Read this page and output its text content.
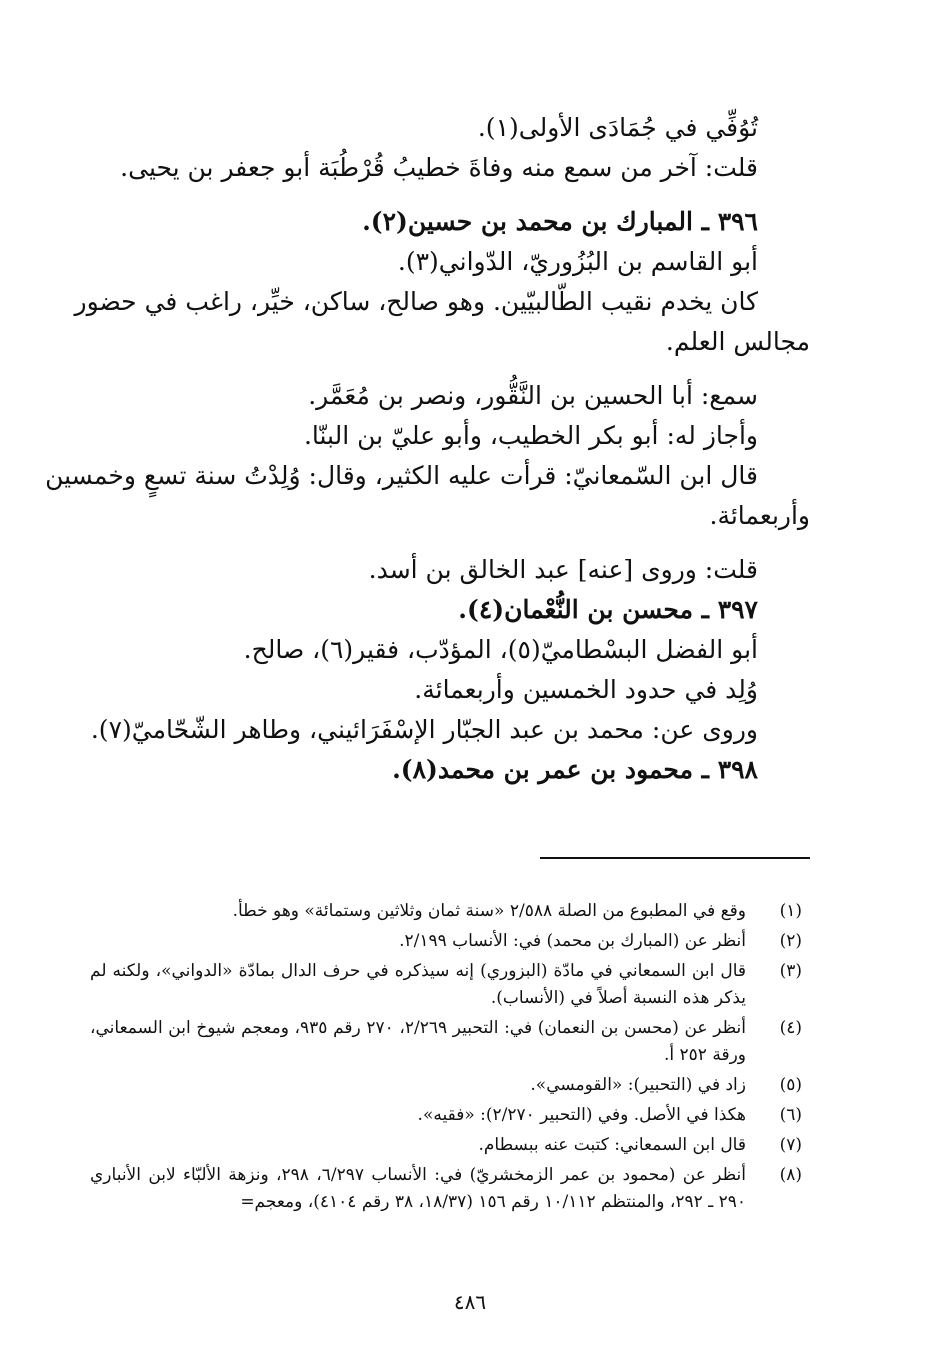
تُوُفِّي في جُمَادَى الأولى(١).
قلت: آخر من سمع منه وفاةَ خطيبُ قُرْطُبَة أبو جعفر بن يحيى.
٣٩٦ ـ المبارك بن محمد بن حسين(٢).
أبو القاسم بن البُزُوريّ، الدّواني(٣).
كان يخدم نقيب الطّالبيّين. وهو صالح، ساكن، خيِّر، راغب في حضور
مجالس العلم.
سمع: أبا الحسين بن النَّقُّور، ونصر بن مُعَمَّر.
وأجاز له: أبو بكر الخطيب، وأبو عليّ بن البنّا.
قال ابن السّمعانيّ: قرأت عليه الكثير، وقال: وُلِدْتُ سنة تسعٍ وخمسين
وأربعمائة.
قلت: وروى [عنه] عبد الخالق بن أسد.
٣٩٧ ـ محسن بن النُّعْمان(٤).
أبو الفضل البسْطاميّ(٥)، المؤدّب، فقير(٦)، صالح.
وُلِد في حدود الخمسين وأربعمائة.
وروى عن: محمد بن عبد الجبّار الإسْفَرَائيني، وطاهر الشّحّاميّ(٧).
٣٩٨ ـ محمود بن عمر بن محمد(٨).
(١)
وقع في المطبوع من الصلة ٢/٥٨٨ «سنة ثمان وثلاثين وستمائة» وهو خطأ.
(٢)
أنظر عن (المبارك بن محمد) في: الأنساب ٢/١٩٩.
(٣)
قال ابن السمعاني في مادّة (البزوري) إنه سيذكره في حرف الدال بمادّة «الدواني»، ولكنه لم يذكر هذه النسبة أصلاً في (الأنساب).
(٤)
أنظر عن (محسن بن النعمان) في: التحبير ٢/٢٦٩، ٢٧٠ رقم ٩٣٥، ومعجم شيوخ ابن السمعاني، ورقة ٢٥٢ أ.
(٥)
زاد في (التحبير): «القومسي».
(٦)
هكذا في الأصل. وفي (التحبير ٢/٢٧٠): «فقيه».
(٧)
قال ابن السمعاني: كتبت عنه ببسطام.
(٨)
أنظر عن (محمود بن عمر الزمخشريّ) في: الأنساب ٦/٢٩٧، ٢٩٨، ونزهة الألبّاء لابن الأنباري ٢٩٠ ـ ٢٩٢، والمنتظم ١٠/١١٢ رقم ١٥٦ (١٨/٣٧، ٣٨ رقم ٤١٠٤)، ومعجم=
٤٨٦
